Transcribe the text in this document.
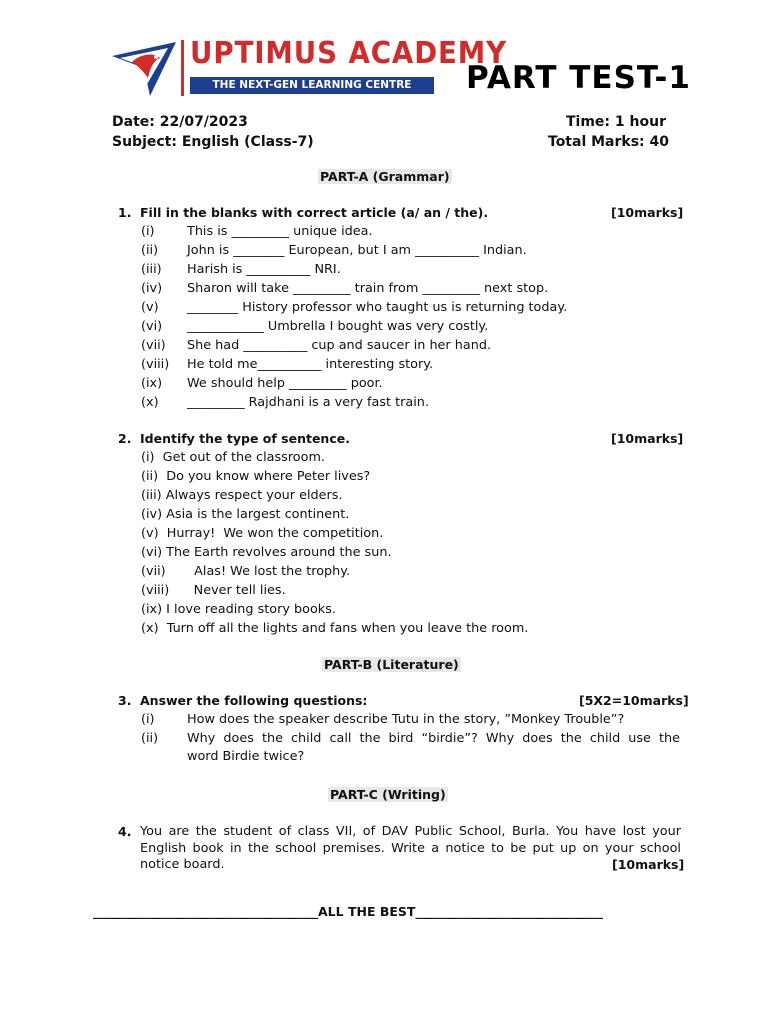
UPTIMUS ACADEMY
THE NEXT-GEN LEARNING CENTRE	PART TEST-1
Date: 22/07/2023	Time: 1 hour
Subject: English (Class-7)	Total Marks: 40
PART-A (Grammar)
1. Fill in the blanks with correct article (a/ an / the).	[10marks]
(i)	This is _________ unique idea.
(ii) John is ________ European, but I am __________ Indian.
(iii) Harish is __________ NRI.
(iv) Sharon will take _________ train from _________ next stop.
(v) ________ History professor who taught us is returning today.
(vi) ____________ Umbrella I bought was very costly.
(vii) She had __________ cup and saucer in her hand.
(viii) He told me__________ interesting story.
(ix) We should help _________ poor.
(x) _________ Rajdhani is a very fast train.
2. Identify the type of sentence.	[10marks]
(i)  Get out of the classroom.
(ii)  Do you know where Peter lives?
(iii) Always respect your elders.
(iv) Asia is the largest continent.
(v)  Hurray!  We won the competition.
(vi) The Earth revolves around the sun.
(vii)       Alas! We lost the trophy.
(viii)      Never tell lies.
(ix) I love reading story books.
(x)  Turn off all the lights and fans when you leave the room.
PART-B (Literature)
3. Answer the following questions:	[5X2=10marks]
(i)	How does the speaker describe Tutu in the story, ”Monkey Trouble”?
(ii) Why does the child call the bird “birdie”? Why does the child use the
word Birdie twice?
PART-C (Writing)
4. You are the student of class VII, of DAV Public School, Burla. You have lost your
English book in the school premises. Write a notice to be put up on your school
notice board.	[10marks]
____________________________________ALL THE BEST______________________________
